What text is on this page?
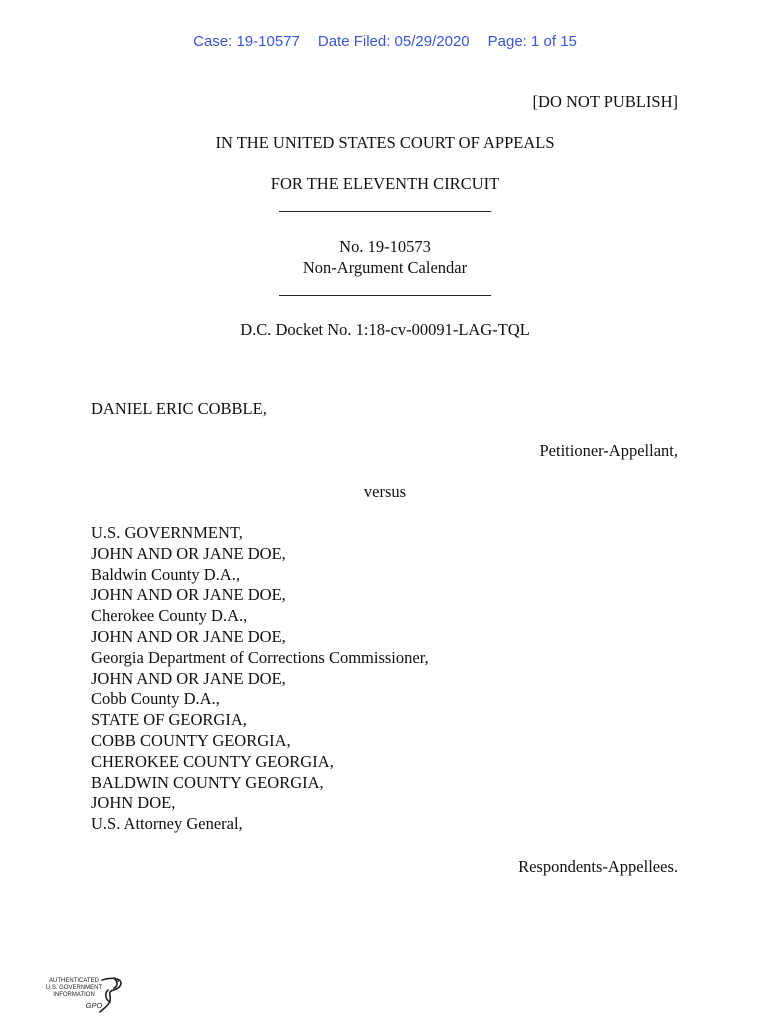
Case: 19-10577 Date Filed: 05/29/2020 Page: 1 of 15
[DO NOT PUBLISH]
IN THE UNITED STATES COURT OF APPEALS
FOR THE ELEVENTH CIRCUIT
No. 19-10573
Non-Argument Calendar
D.C. Docket No. 1:18-cv-00091-LAG-TQL
DANIEL ERIC COBBLE,
Petitioner-Appellant,
versus
U.S. GOVERNMENT,
JOHN AND OR JANE DOE,
Baldwin County D.A.,
JOHN AND OR JANE DOE,
Cherokee County D.A.,
JOHN AND OR JANE DOE,
Georgia Department of Corrections Commissioner,
JOHN AND OR JANE DOE,
Cobb County D.A.,
STATE OF GEORGIA,
COBB COUNTY GEORGIA,
CHEROKEE COUNTY GEORGIA,
BALDWIN COUNTY GEORGIA,
JOHN DOE,
U.S. Attorney General,
Respondents-Appellees.
AUTHENTICATED
U.S. GOVERNMENT
INFORMATION
GPO
